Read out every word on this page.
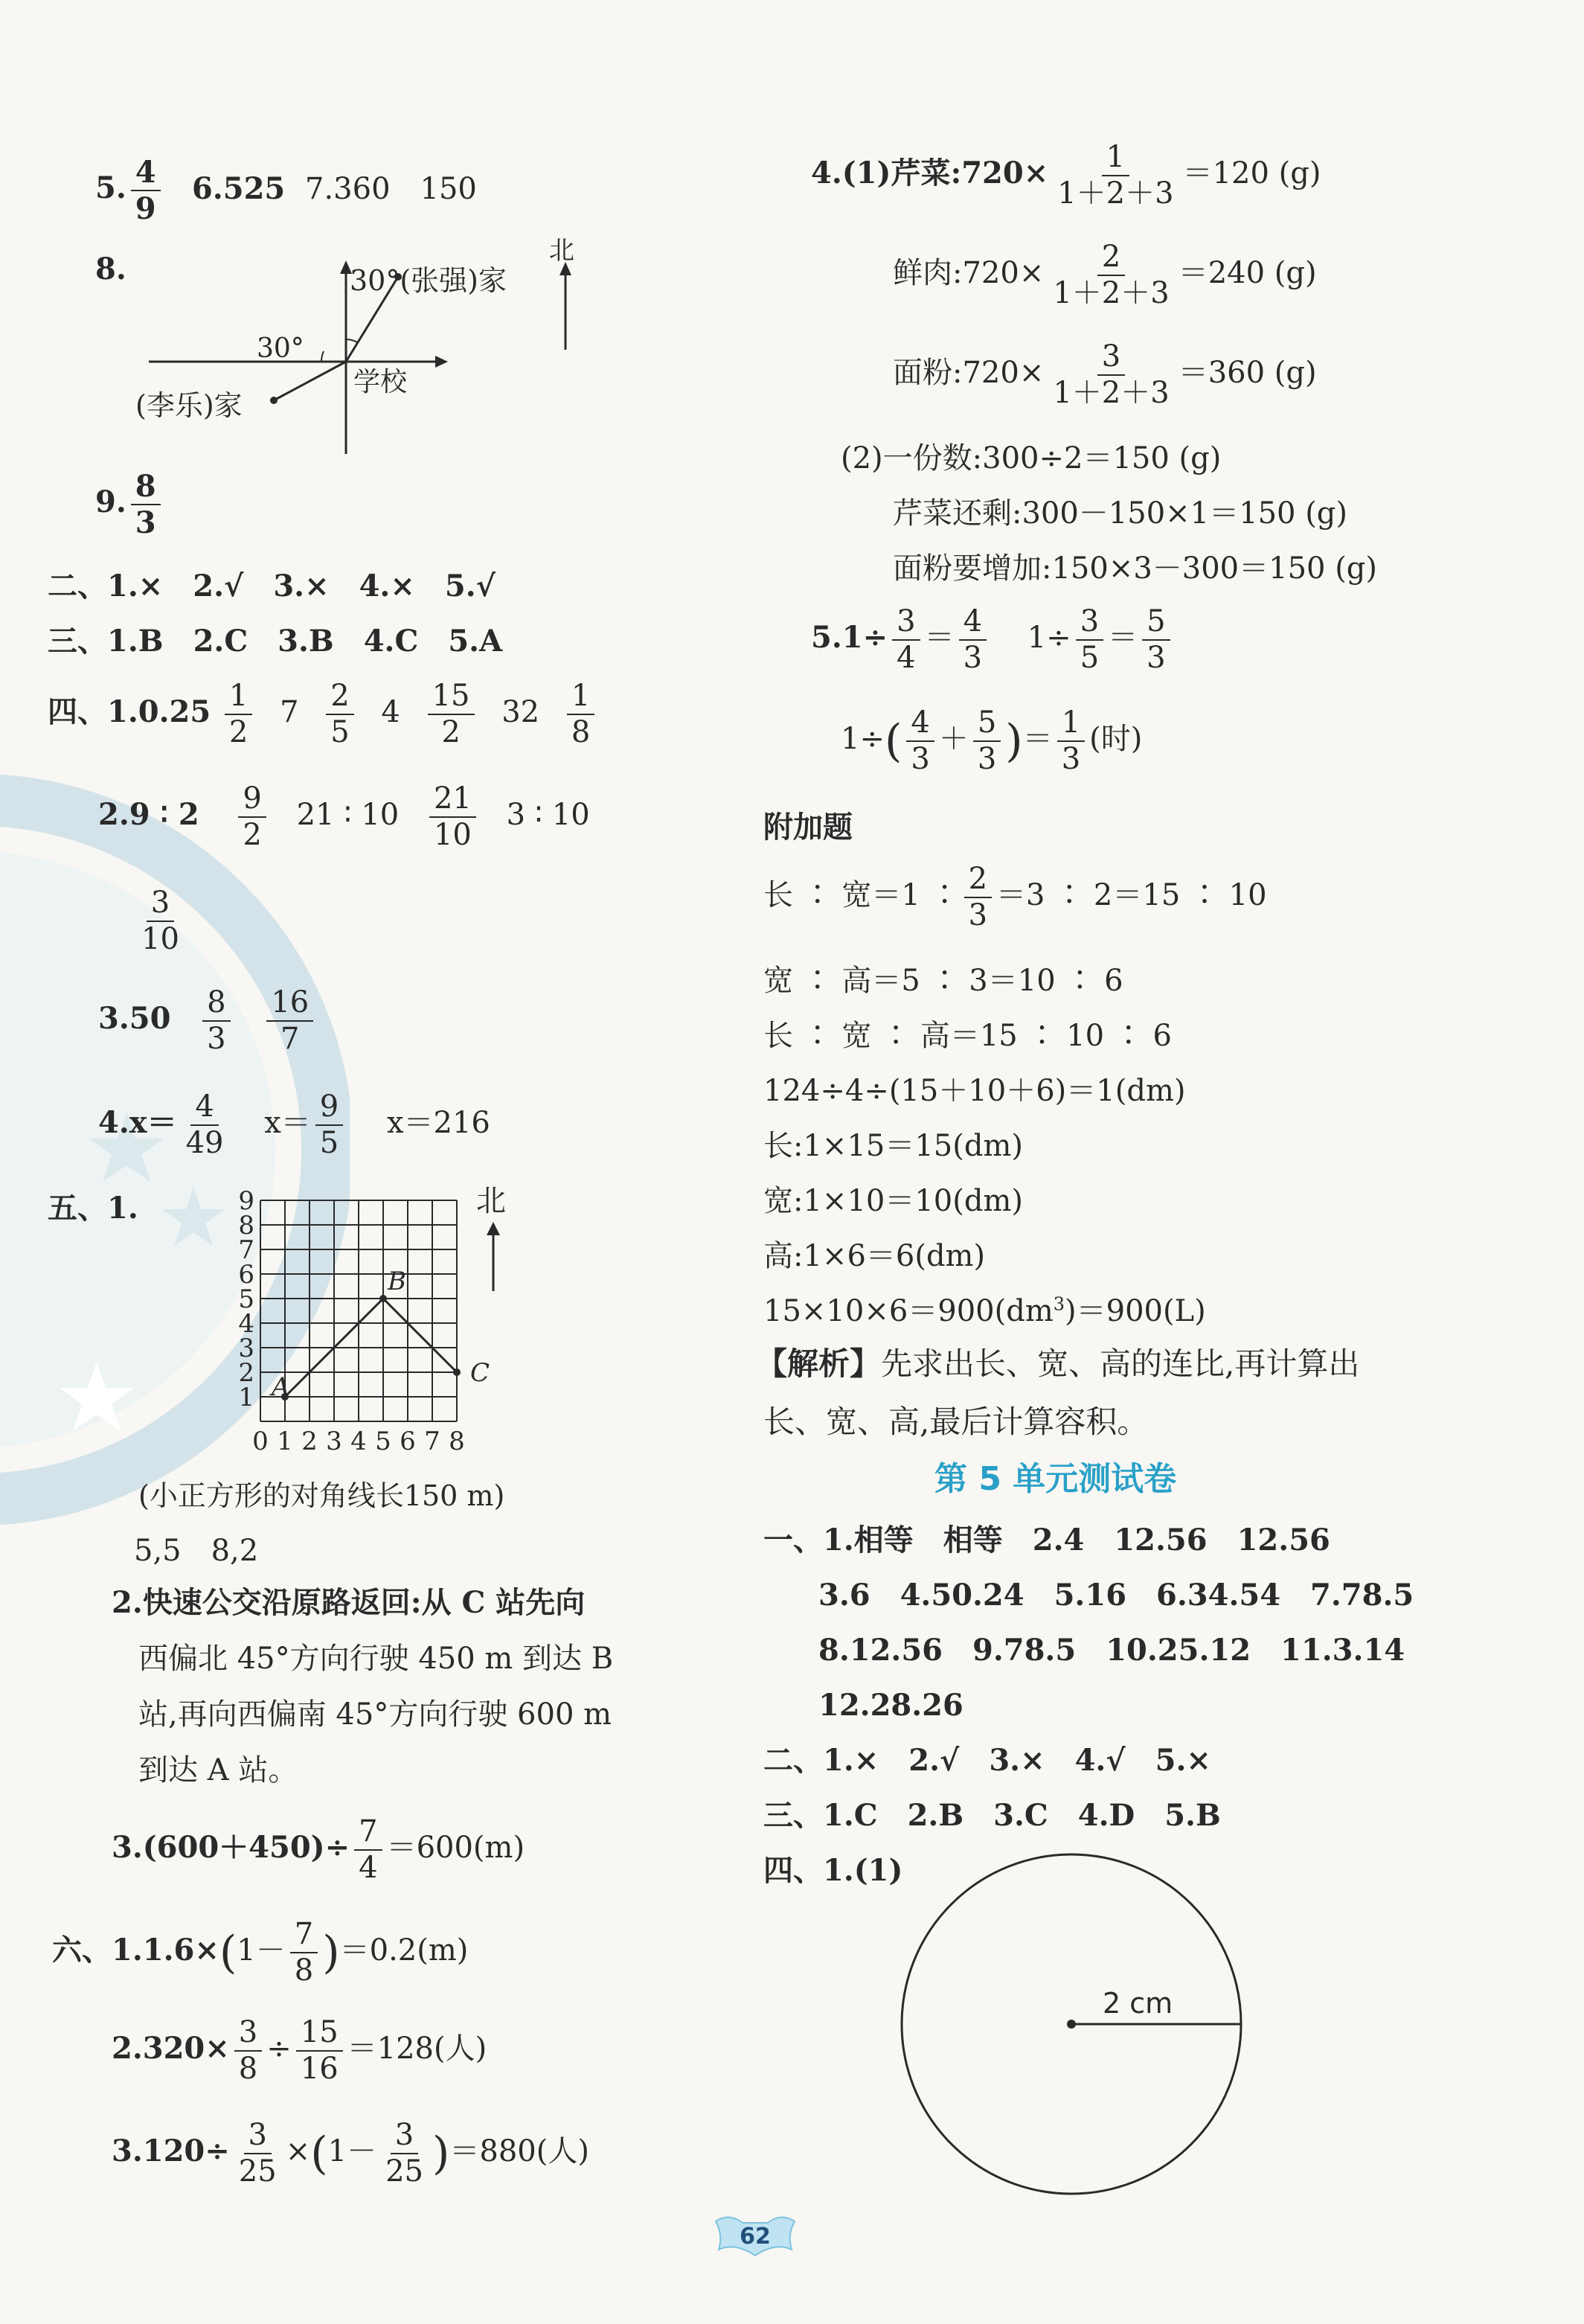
5. $\frac{4}{9} 6.525$ 7.360　150
8.	30°(张强)家
30°
学校
(李乐)家
北
9. $\frac{8}{3}$
二、1.×　2.√　3.×　4.×　5.√
三、1.B　2.C　3.B　4.C　5.A
四、$1.0.25 \frac{1}{2} 7 \frac{2}{5} 4 \frac{15}{2} 32 \frac{1}{8}$
2.9 ∶ $2 \frac{9}{2} 21$ ∶ $10 \frac{21}{10} 3$ ∶ 10
$\frac{3}{10}$
$3.50 \frac{8}{3}$
$\frac{16}{7}$
$4.x= \frac{4}{49} x= \frac{9}{5} x=216$
五、1.
0 1 2 3 4 5 6 7 8
1
2
3
4
5
6
7
8
9
A
B
C
北
(小正方形的对角线长150 m)
5,5　8,2
2.快速公交沿原路返回:从 C 站先向
西偏北 45°方向行驶 450 m 到达 B
站,再向西偏南 45°方向行驶 600 m
到达 A 站。
$3.(600+450)\div \frac{7}{4} =600(m)$
六、$1.1.6\times(1- \frac{7}{8} )=0.2(m)$
$2.320\times \frac{3}{8} \div \frac{15}{16} =128$(人)
$3.120\div \frac{3}{25} \times(1- \frac{3}{25} )=880$(人)
4.(1)芹菜:720× $\frac{1}{1+2+3} =120$ (g)
鲜肉:720× $\frac{2}{1+2+3} =240$ (g)
面粉:720× $\frac{3}{1+2+3} =360$ (g)
(2)一份数:300÷2＝150 (g)
芹菜还剩:300－150×1＝150 (g)
面粉要增加:150×3－300＝150 (g)
$5.1\div \frac{3}{4} = \frac{4}{3} 1\div \frac{3}{5} = \frac{5}{3}$
$1\div( \frac{4}{3} + \frac{5}{3}$ )＝ $\frac{1}{3}$ (时)
附加题
长 ∶ 宽＝1 ∶ $\frac{2}{3} =3$ ∶ 2＝15 ∶ 10
宽 ∶ 高＝5 ∶ 3＝10 ∶ 6
长 ∶ 宽 ∶ 高＝15 ∶ 10 ∶ 6
124÷4÷(15＋10＋6)＝1(dm)
长:1×15＝15(dm)
宽:1×10＝10(dm)
高:1×6＝6(dm)
$15\times 10\times 6=900(dm^3)=900(L)$
【解析】先求出长、宽、高的连比,再计算出
长、宽、高,最后计算容积。
第 5 单元测试卷
一、1.相等　相等　2.4　12.56　12.56
3.6　4.50.24　5.16　6.34.54　7.78.5
8.12.56　9.78.5　10.25.12　11.3.14
12.28.26
二、1.×　2.√　3.×　4.√　5.×
三、1.C　2.B　3.C　4.D　5.B
四、1.(1)
2 cm
62
